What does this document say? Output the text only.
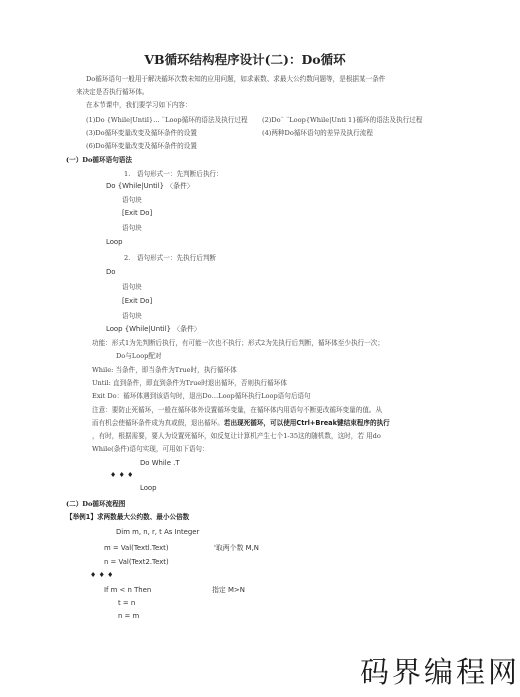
VB循环结构程序设计(二)：Do循环
Do循环语句一般用于解决循环次数未知的应用问题，如求素数、求最大公约数问题等，是根据某一条件
来决定是否执行循环体。
在本节课中，我们要学习如下内容：
(1)Do {While|Until}… ¨Loop循环的语法及执行过程 (2)Do¨ ¨Loop{While|Unti 1}循环的语法及执行过程
(3)Do循环变量改变及循环条件的设置	(4)两种Do循环语句的差异及执行流程
(6)Do循环变量改变及循环条件的设置
(一）Do循环语句语法
1.　语句形式一：先判断后执行：
Do {While|Until} 〈条件〉
语句块
[Exit Do]
语句块
Loop
2.　语句形式一：先执行后判断
Do
语句块
[Exit Do]
语句块
Loop {While|Until} 〈条件〉
功能：形式1为先判断后执行，有可能一次也不执行；形式2为先执行后判断，循环体至少执行一次；
Do与Loop配对
While: 当条件，即当条件为True时，执行循环体
Until: 直到条件，即直到条件为True时退出循环，否则执行循环体
Exit Do：循环体遇到该语句时，退出Do…Loop循环执行Loop语句后语句
注意：要防止死循环，一般在循环体外设置循环变量，在循环体内用语句不断更改循环变量的值。从
而有机会使循环条件成为真或假，退出循环。若出现死循环，可以使用Ctrl+Break键结束程序的执行
，有时，根据需要，要人为设置死循环，如反复让计算机产生七个1-35这的随机数，这时，若 用do
While(条件)语句实现，可用如下语句：
Do While .T
♦ ♦ ♦
Loop
(二）Do循环流程图
【举例1】求两数最大公约数、最小公倍数
Dim m, n, r, t As Integer
m = Val(Textl.Text)	'取两个数 M,N
n = Val(Text2.Text)
♦ ♦ ♦
If m < n Then	指定 M>N
t = n
n = m
码界编程网
